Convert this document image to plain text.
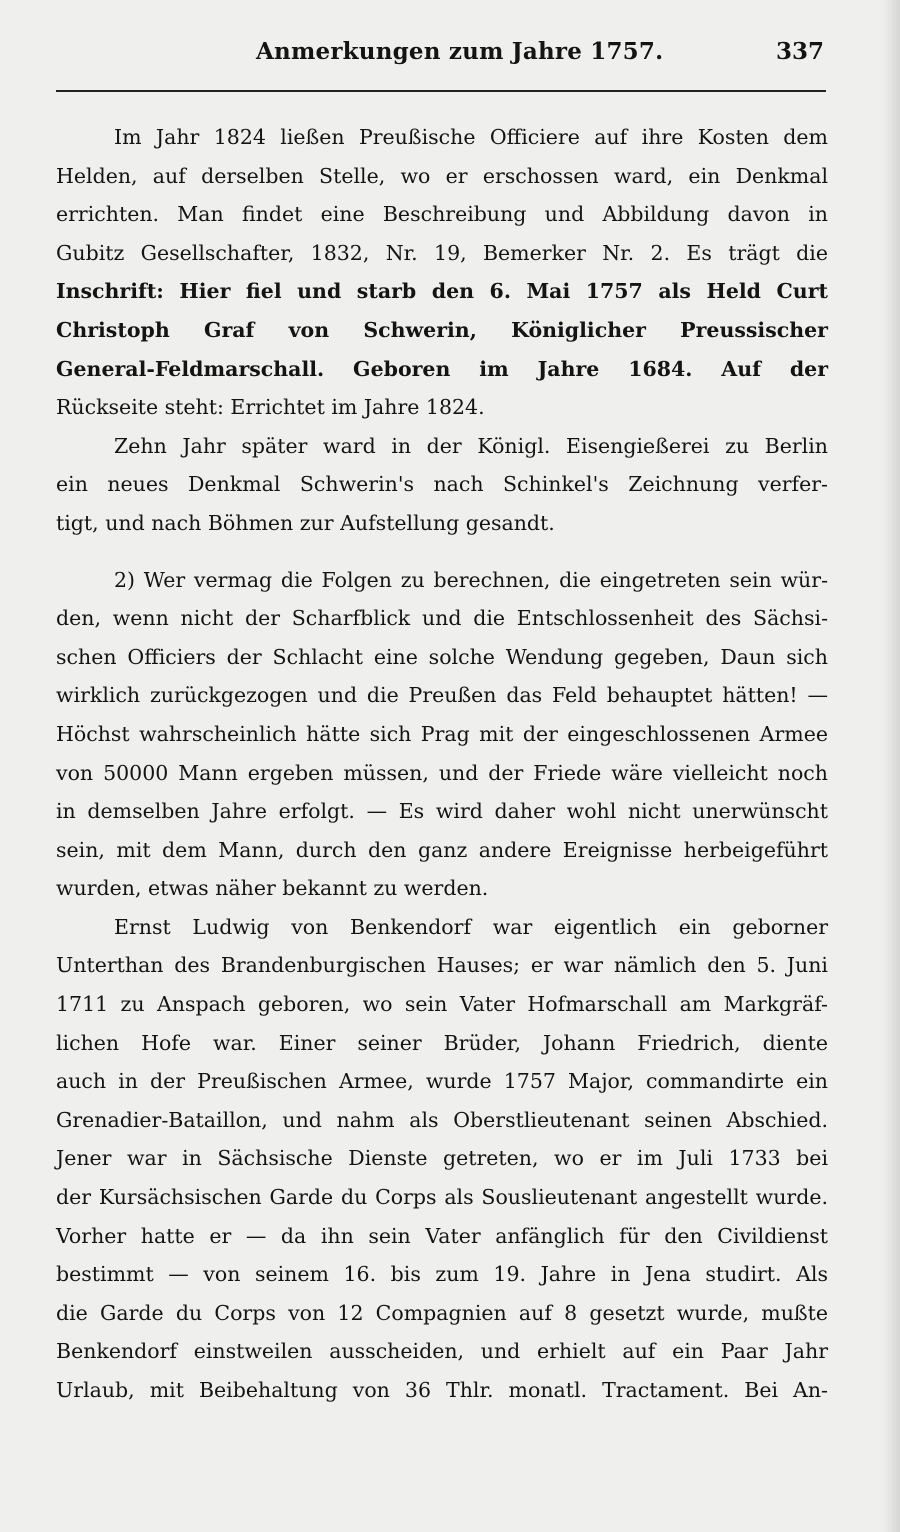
Anmerkungen zum Jahre 1757.	337
Im Jahr 1824 ließen Preußische Officiere auf ihre Kosten dem
Helden, auf derselben Stelle, wo er erschossen ward, ein Denkmal
errichten. Man findet eine Beschreibung und Abbildung davon in
Gubitz Gesellschafter, 1832, Nr. 19, Bemerker Nr. 2. Es trägt die
Inschrift: Hier fiel und starb den 6. Mai 1757 als Held Curt
Christoph Graf von Schwerin, Königlicher Preussischer
General-Feldmarschall. Geboren im Jahre 1684. Auf der
Rückseite steht: Errichtet im Jahre 1824.
Zehn Jahr später ward in der Königl. Eisengießerei zu Berlin
ein neues Denkmal Schwerin's nach Schinkel's Zeichnung verfer-
tigt, und nach Böhmen zur Aufstellung gesandt.
2) Wer vermag die Folgen zu berechnen, die eingetreten sein wür-
den, wenn nicht der Scharfblick und die Entschlossenheit des Sächsi-
schen Officiers der Schlacht eine solche Wendung gegeben, Daun sich
wirklich zurückgezogen und die Preußen das Feld behauptet hätten! —
Höchst wahrscheinlich hätte sich Prag mit der eingeschlossenen Armee
von 50000 Mann ergeben müssen, und der Friede wäre vielleicht noch
in demselben Jahre erfolgt. — Es wird daher wohl nicht unerwünscht
sein, mit dem Mann, durch den ganz andere Ereignisse herbeigeführt
wurden, etwas näher bekannt zu werden.
Ernst Ludwig von Benkendorf war eigentlich ein geborner
Unterthan des Brandenburgischen Hauses; er war nämlich den 5. Juni
1711 zu Anspach geboren, wo sein Vater Hofmarschall am Markgräf-
lichen Hofe war. Einer seiner Brüder, Johann Friedrich, diente
auch in der Preußischen Armee, wurde 1757 Major, commandirte ein
Grenadier-Bataillon, und nahm als Oberstlieutenant seinen Abschied.
Jener war in Sächsische Dienste getreten, wo er im Juli 1733 bei
der Kursächsischen Garde du Corps als Souslieutenant angestellt wurde.
Vorher hatte er — da ihn sein Vater anfänglich für den Civildienst
bestimmt — von seinem 16. bis zum 19. Jahre in Jena studirt. Als
die Garde du Corps von 12 Compagnien auf 8 gesetzt wurde, mußte
Benkendorf einstweilen ausscheiden, und erhielt auf ein Paar Jahr
Urlaub, mit Beibehaltung von 36 Thlr. monatl. Tractament. Bei An-
